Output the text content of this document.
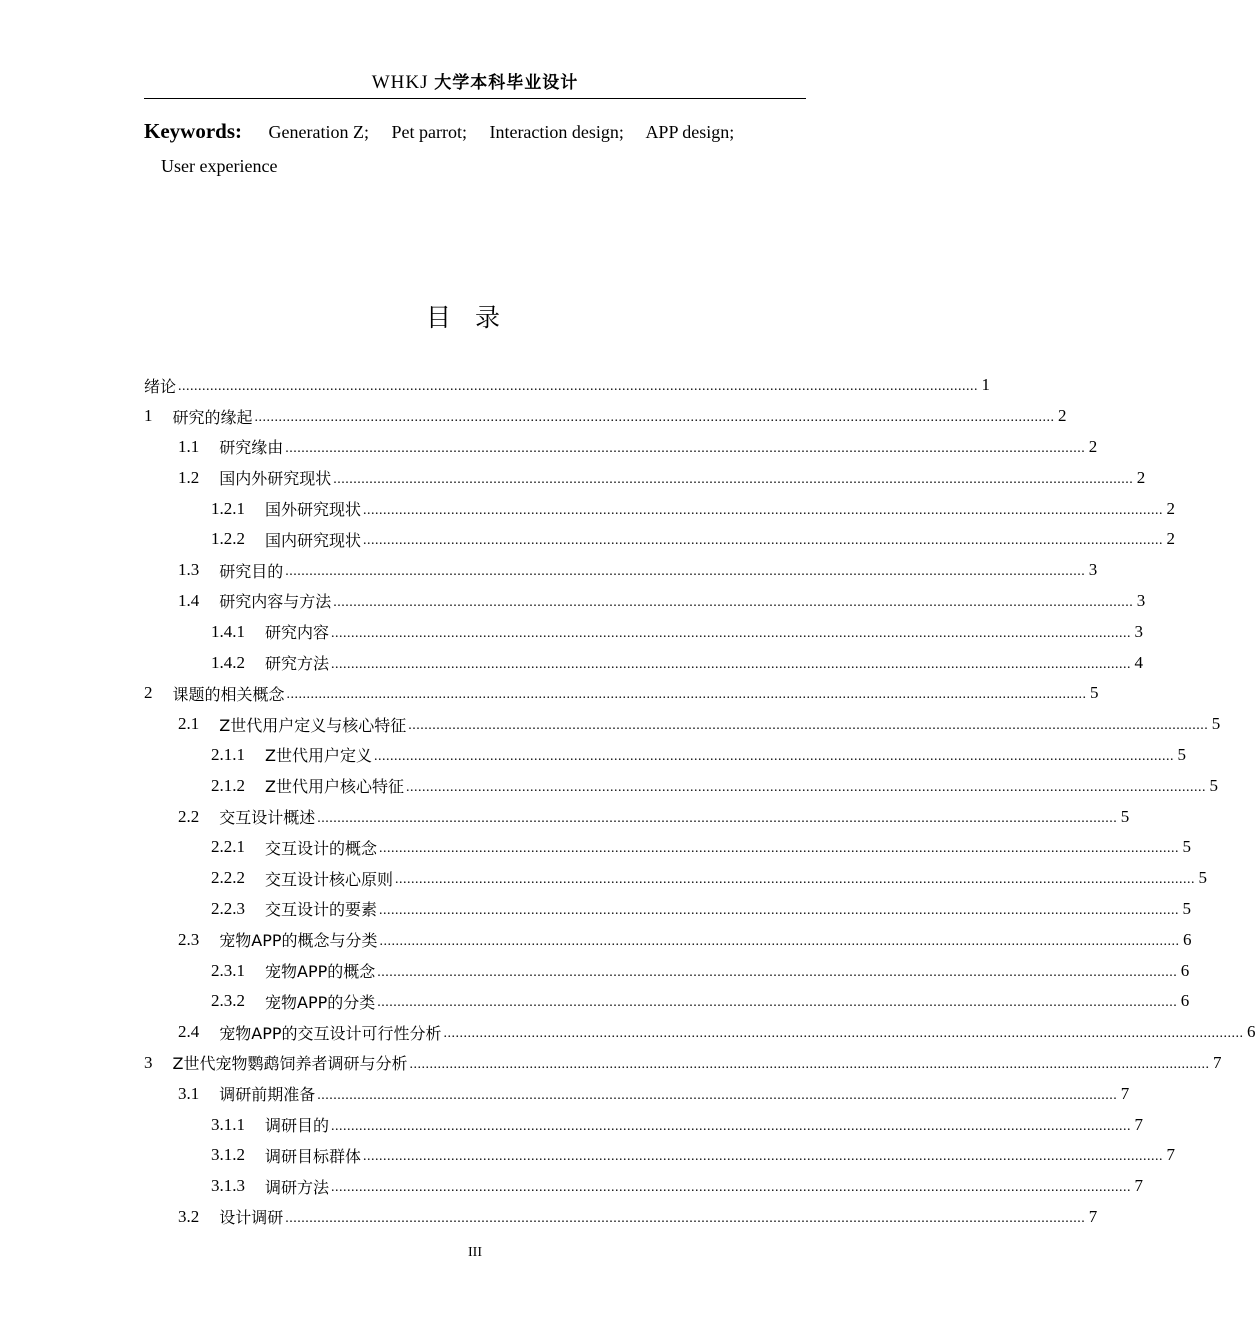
WHKJ 大学本科毕业设计
Keywords: Generation Z; Pet parrot; Interaction design; APP design;
User experience
目录
绪论 ........................................................................................................................................................................................................ 1
1 研究的缘起 ........................................................................................................................................................................................................ 2
1.1 研究缘由 ........................................................................................................................................................................................................ 2
1.2 国内外研究现状 ........................................................................................................................................................................................................ 2
1.2.1 国外研究现状 ........................................................................................................................................................................................................ 2
1.2.2 国内研究现状 ........................................................................................................................................................................................................ 2
1.3 研究目的 ........................................................................................................................................................................................................ 3
1.4 研究内容与方法 ........................................................................................................................................................................................................ 3
1.4.1 研究内容 ........................................................................................................................................................................................................ 3
1.4.2 研究方法 ........................................................................................................................................................................................................ 4
2 课题的相关概念 ........................................................................................................................................................................................................ 5
2.1 Z世代用户定义与核心特征 ........................................................................................................................................................................................................ 5
2.1.1 Z世代用户定义 ........................................................................................................................................................................................................ 5
2.1.2 Z世代用户核心特征 ........................................................................................................................................................................................................ 5
2.2 交互设计概述 ........................................................................................................................................................................................................ 5
2.2.1 交互设计的概念 ........................................................................................................................................................................................................ 5
2.2.2 交互设计核心原则 ........................................................................................................................................................................................................ 5
2.2.3 交互设计的要素 ........................................................................................................................................................................................................ 5
2.3 宠物APP的概念与分类 ........................................................................................................................................................................................................ 6
2.3.1 宠物APP的概念 ........................................................................................................................................................................................................ 6
2.3.2 宠物APP的分类 ........................................................................................................................................................................................................ 6
2.4 宠物APP的交互设计可行性分析 ........................................................................................................................................................................................................ 6
3 Z世代宠物鹦鹉饲养者调研与分析 ........................................................................................................................................................................................................ 7
3.1 调研前期准备 ........................................................................................................................................................................................................ 7
3.1.1 调研目的 ........................................................................................................................................................................................................ 7
3.1.2 调研目标群体 ........................................................................................................................................................................................................ 7
3.1.3 调研方法 ........................................................................................................................................................................................................ 7
3.2 设计调研 ........................................................................................................................................................................................................ 7
III
